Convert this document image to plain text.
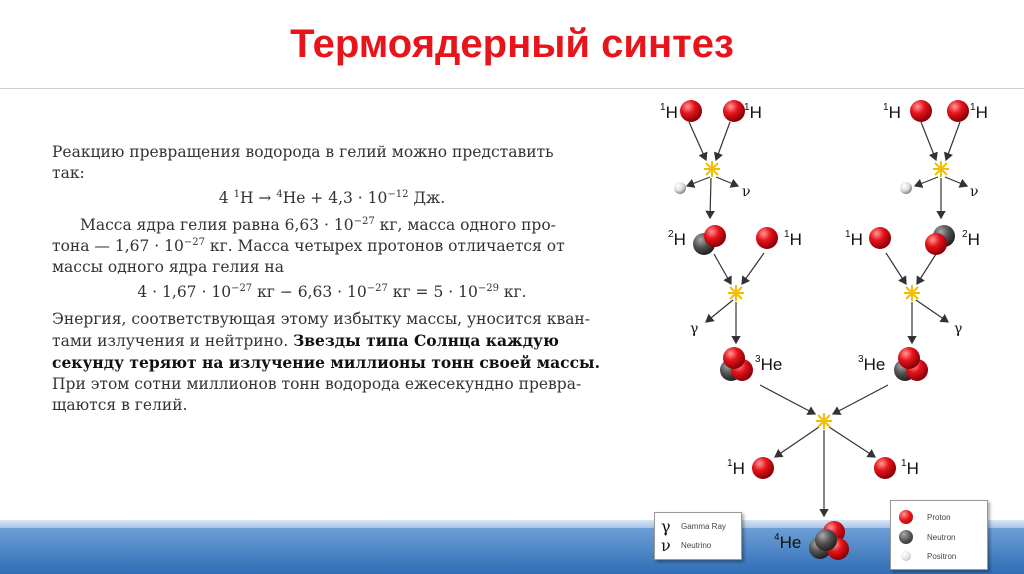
Термоядерный синтез

Реакцию превращения водорода в гелий можно представить

так:

4 $^1H \to ^4He + 4,3 \cdot 10^{-12}$ Дж.

Масса ядра гелия равна $6,63 \cdot 10^{-27}$ кг, масса одного про-

тона — $1,67 \cdot 10^{-27}$ кг. Масса четырех протонов отличается от

массы одного ядра гелия на

$4 \cdot 1,67 \cdot 10^{-27}$ кг − $6,63 \cdot 10^{-27}$ кг = $5 \cdot 10^{-29}$ кг.

Энергия, соответствующая этому избытку массы, уносится кван-

тами излучения и нейтрино. Звезды типа Солнца каждую

секунду теряют на излучение миллионы тонн своей массы.

При этом сотни миллионов тонн водорода ежесекундно превра-

щаются в гелий.

$^1$H	$^1$H	$^1$H	$^1$H
$^2$H	$^1$H	$^1$H	$^2$H
$^3$He	$^3$He
$^1$H	$^1$H
$^4$He
ν	ν
γ	γ
γ	Gamma Ray
ν	Neutrino
Proton
Neutron
Positron
